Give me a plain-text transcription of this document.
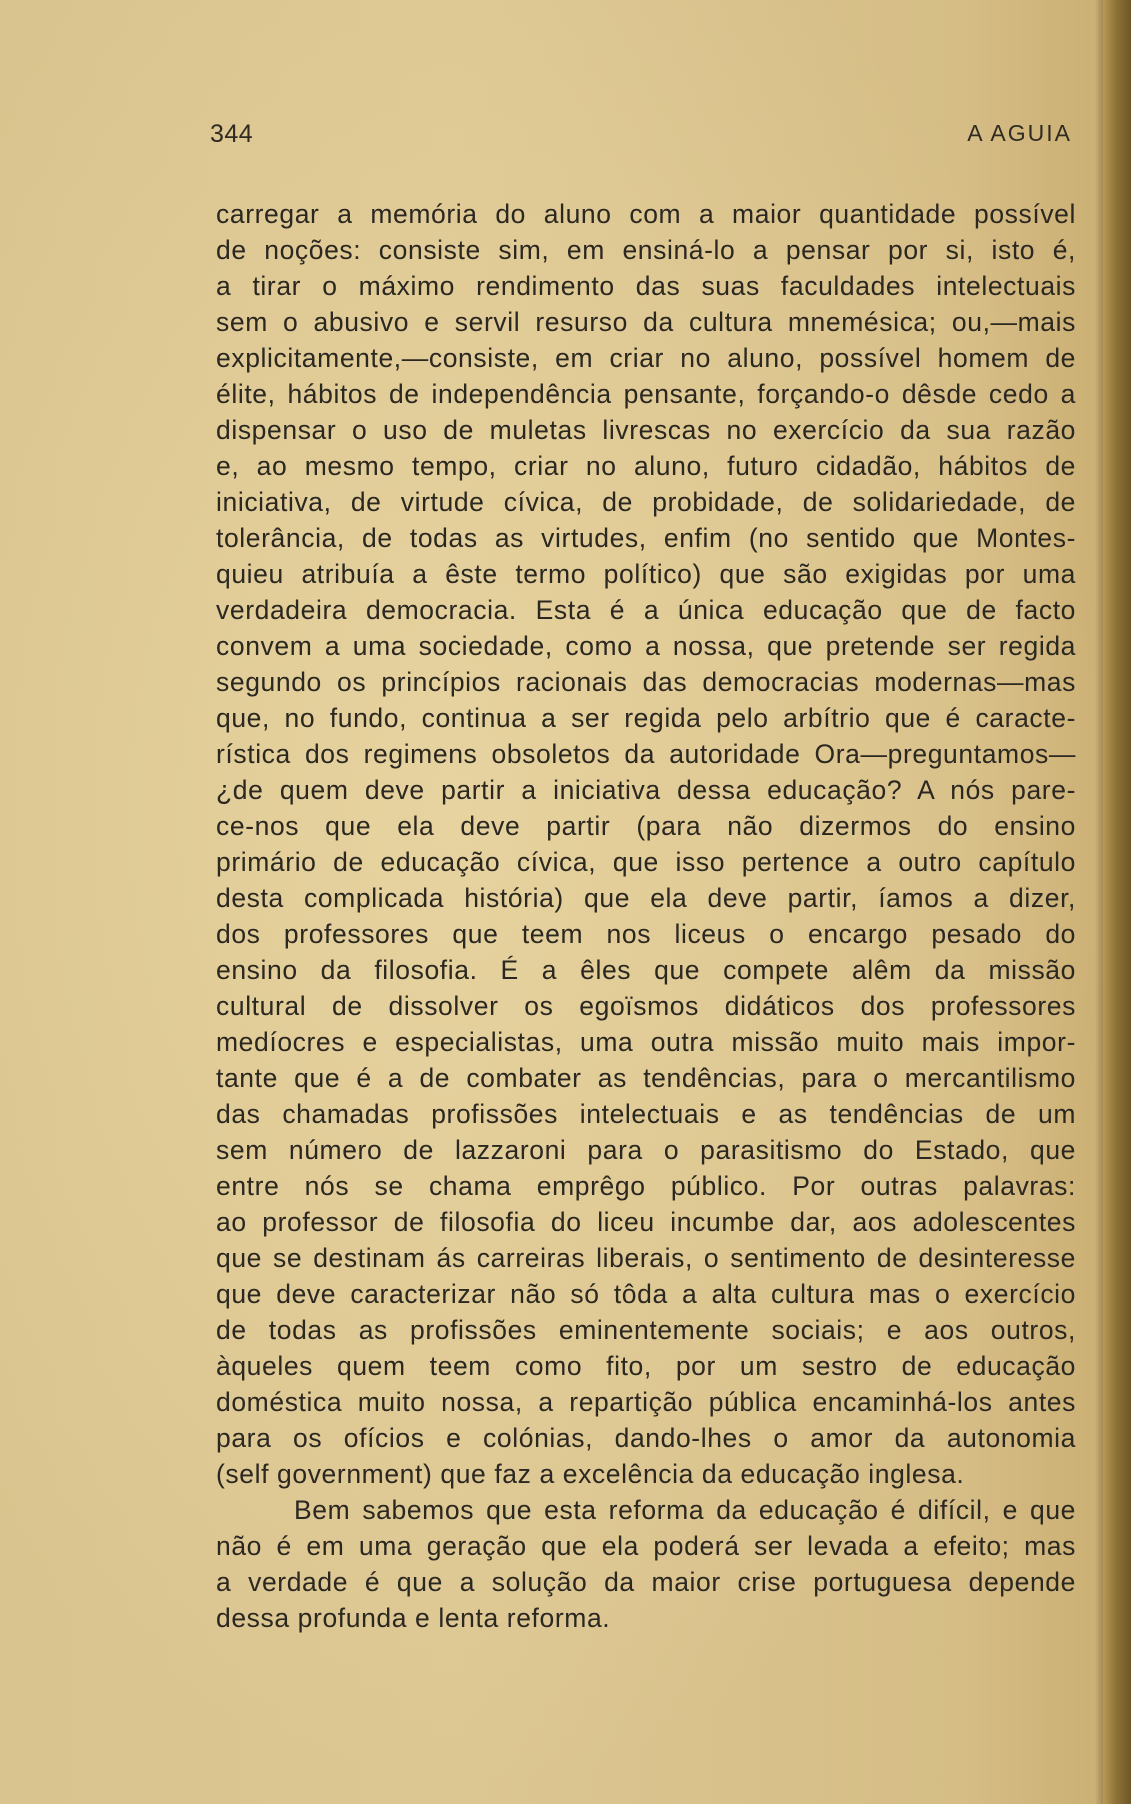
344	A AGUIA
carregar a memória do aluno com a maior quantidade possível
de noções: consiste sim, em ensiná-lo a pensar por si, isto é,
a tirar o máximo rendimento das suas faculdades intelectuais
sem o abusivo e servil resurso da cultura mnemésica; ou,—mais
explicitamente,—consiste, em criar no aluno, possível homem de
élite, hábitos de independência pensante, forçando-o dêsde cedo a
dispensar o uso de muletas livrescas no exercício da sua razão
e, ao mesmo tempo, criar no aluno, futuro cidadão, hábitos de
iniciativa, de virtude cívica, de probidade, de solidariedade, de
tolerância, de todas as virtudes, enfim (no sentido que Montes-
quieu atribuía a êste termo político) que são exigidas por uma
verdadeira democracia. Esta é a única educação que de facto
convem a uma sociedade, como a nossa, que pretende ser regida
segundo os princípios racionais das democracias modernas—mas
que, no fundo, continua a ser regida pelo arbítrio que é caracte-
rística dos regimens obsoletos da autoridade Ora—preguntamos—
¿de quem deve partir a iniciativa dessa educação? A nós pare-
ce-nos que ela deve partir (para não dizermos do ensino
primário de educação cívica, que isso pertence a outro capítulo
desta complicada história) que ela deve partir, íamos a dizer,
dos professores que teem nos liceus o encargo pesado do
ensino da filosofia. É a êles que compete alêm da missão
cultural de dissolver os egoïsmos didáticos dos professores
medíocres e especialistas, uma outra missão muito mais impor-
tante que é a de combater as tendências, para o mercantilismo
das chamadas profissões intelectuais e as tendências de um
sem número de lazzaroni para o parasitismo do Estado, que
entre nós se chama emprêgo público. Por outras palavras:
ao professor de filosofia do liceu incumbe dar, aos adolescentes
que se destinam ás carreiras liberais, o sentimento de desinteresse
que deve caracterizar não só tôda a alta cultura mas o exercício
de todas as profissões eminentemente sociais; e aos outros,
àqueles quem teem como fito, por um sestro de educação
doméstica muito nossa, a repartição pública encaminhá-los antes
para os ofícios e colónias, dando-lhes o amor da autonomia
(self government) que faz a excelência da educação inglesa.
Bem sabemos que esta reforma da educação é difícil, e que
não é em uma geração que ela poderá ser levada a efeito; mas
a verdade é que a solução da maior crise portuguesa depende
dessa profunda e lenta reforma.
